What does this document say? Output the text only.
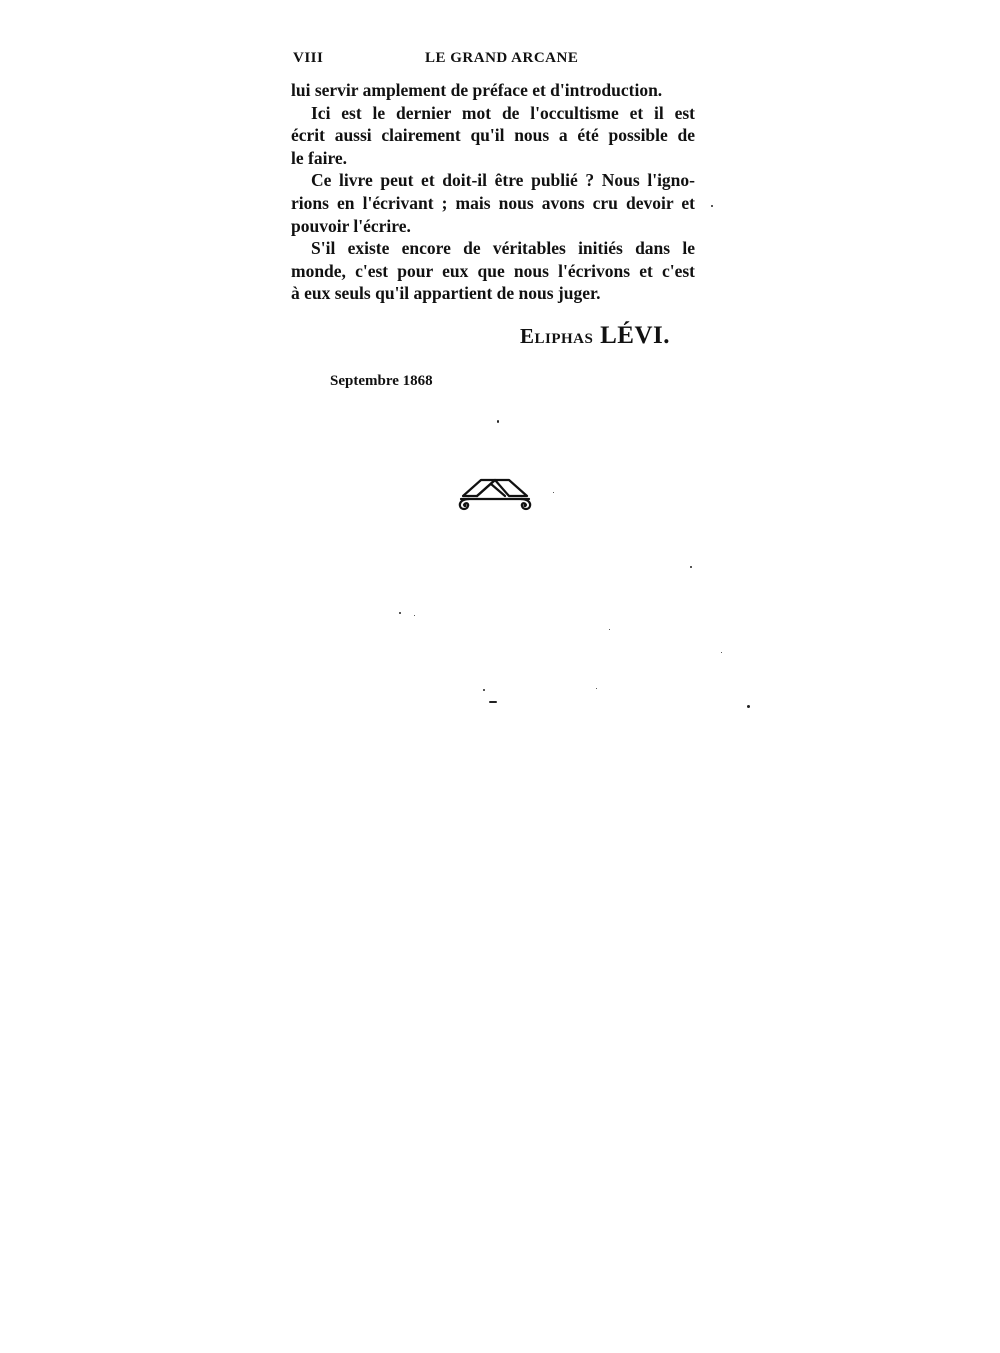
VIII	LE GRAND ARCANE

lui servir amplement de préface et d'introduction.

Ici est le dernier mot de l'occultisme et il est

écrit aussi clairement qu'il nous a été possible de

le faire.

Ce livre peut et doit-il être publié ? Nous l'igno-

rions en l'écrivant ; mais nous avons cru devoir et

pouvoir l'écrire.

S'il existe encore de véritables initiés dans le

monde, c'est pour eux que nous l'écrivons et c'est

à eux seuls qu'il appartient de nous juger.

Eliphas LÉVI.
Septembre 1868
